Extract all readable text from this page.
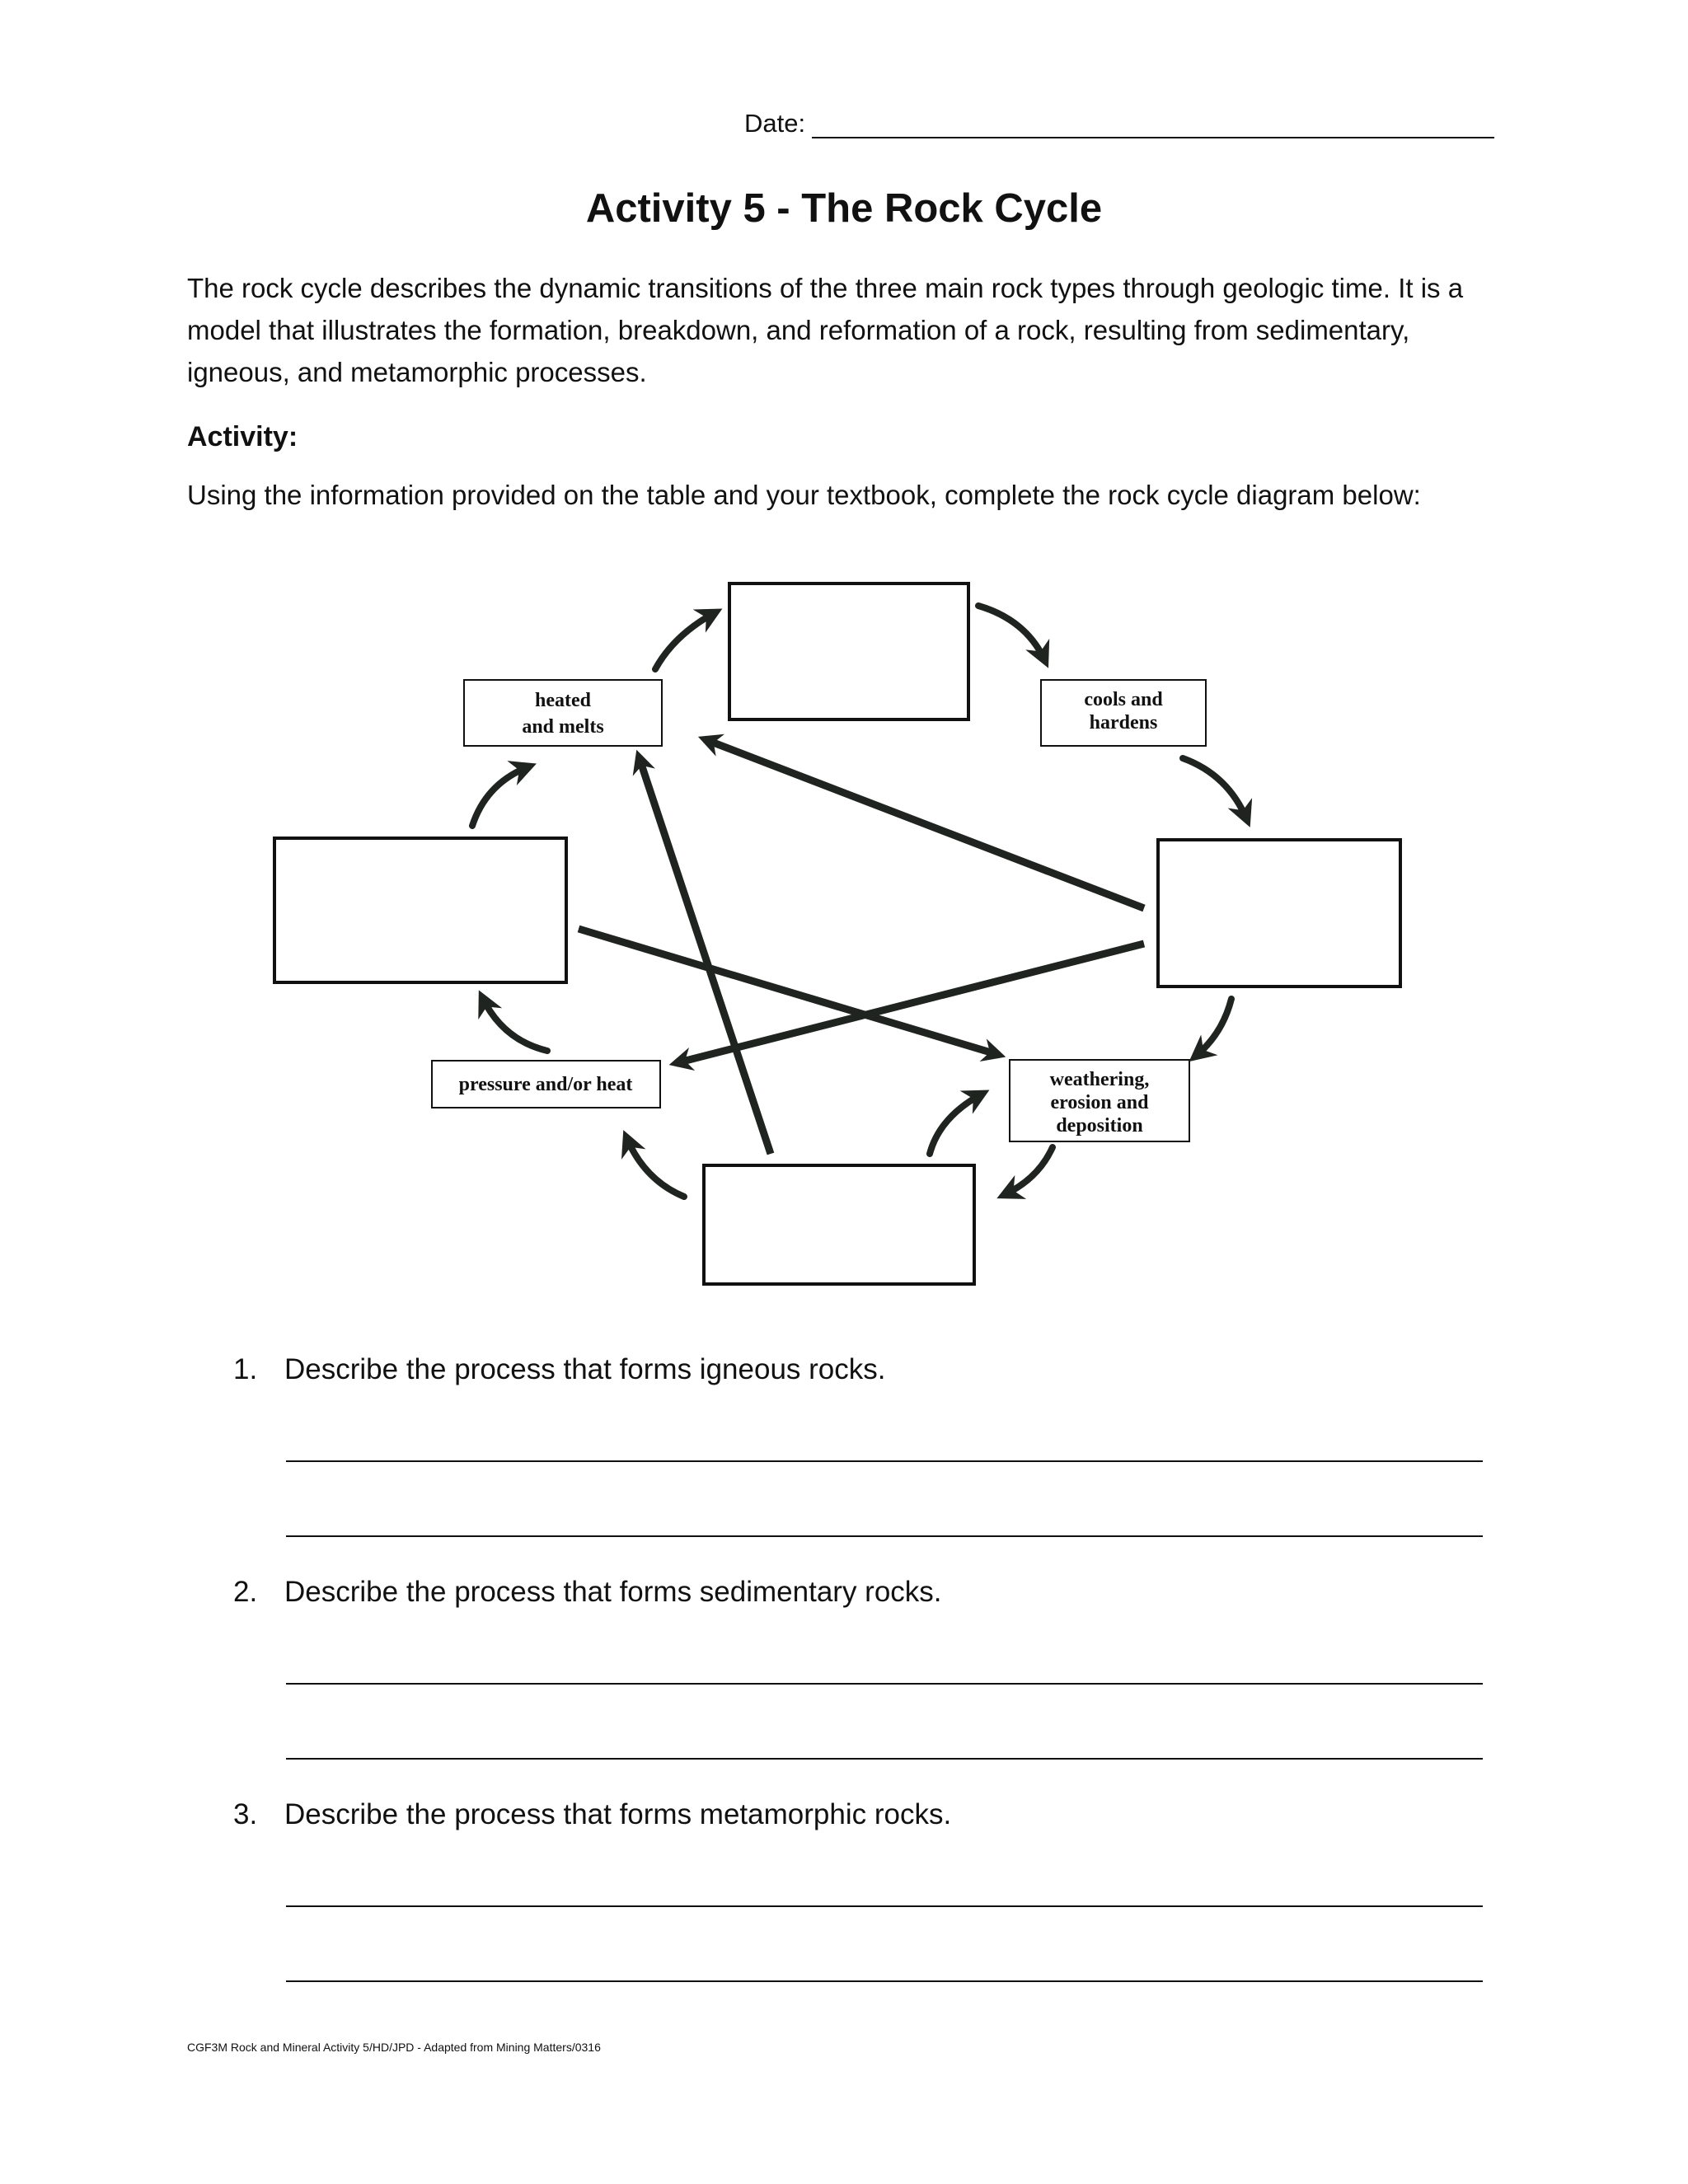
Date:
Activity 5 - The Rock Cycle
The rock cycle describes the dynamic transitions of the three main rock types through geologic time. It is a model that illustrates the formation, breakdown, and reformation of a rock, resulting from sedimentary, igneous, and metamorphic processes.
Activity:
Using the information provided on the table and your textbook, complete the rock cycle diagram below:
heated
and melts
cools and
hardens
pressure and/or heat	weathering,
erosion and
deposition
1. Describe the process that forms igneous rocks.
2. Describe the process that forms sedimentary rocks.
3. Describe the process that forms metamorphic rocks.
CGF3M Rock and Mineral Activity 5/HD/JPD - Adapted from Mining Matters/0316
